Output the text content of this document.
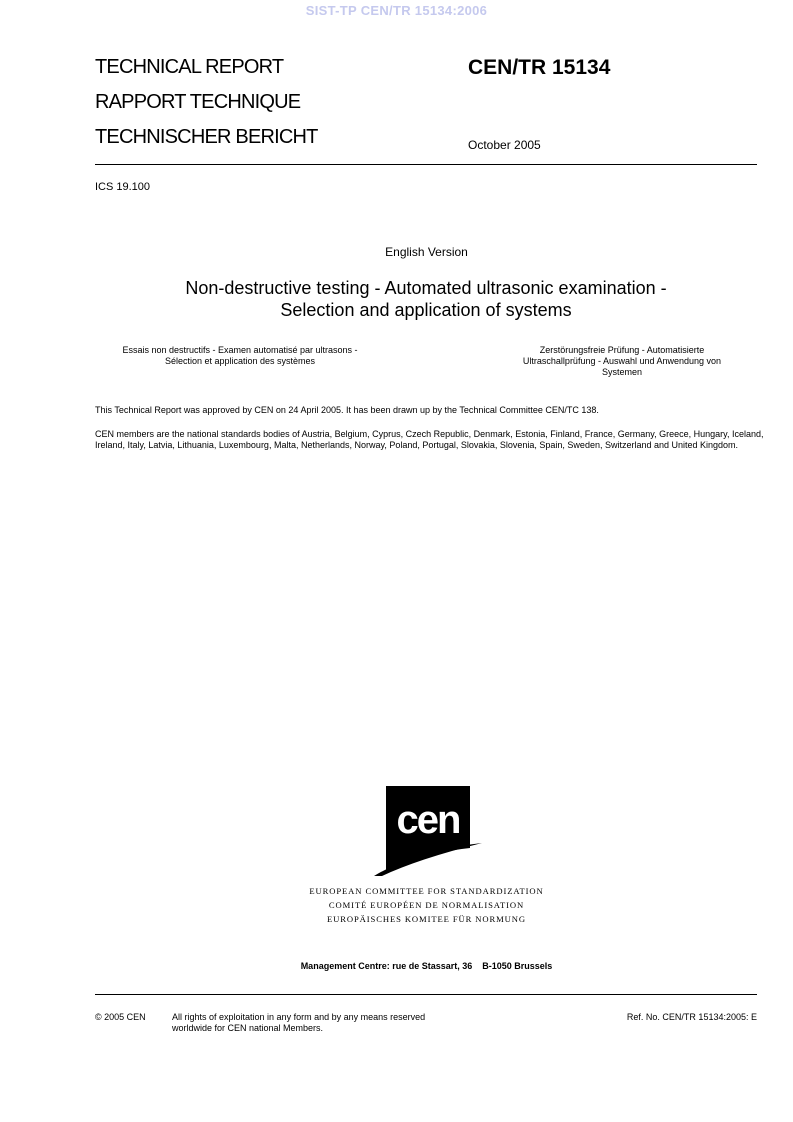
SIST-TP CEN/TR 15134:2006
TECHNICAL REPORT
RAPPORT TECHNIQUE
TECHNISCHER BERICHT
CEN/TR 15134
October 2005
ICS 19.100
English Version
Non-destructive testing - Automated ultrasonic examination -
Selection and application of systems
Essais non destructifs - Examen automatisé par ultrasons -
Sélection et application des systèmes
Zerstörungsfreie Prüfung - Automatisierte
Ultraschallprüfung - Auswahl und Anwendung von
Systemen
This Technical Report was approved by CEN on 24 April 2005. It has been drawn up by the Technical Committee CEN/TC 138.
CEN members are the national standards bodies of Austria, Belgium, Cyprus, Czech Republic, Denmark, Estonia, Finland, France, Germany, Greece, Hungary, Iceland, Ireland, Italy, Latvia, Lithuania, Luxembourg, Malta, Netherlands, Norway, Poland, Portugal, Slovakia, Slovenia, Spain, Sweden, Switzerland and United Kingdom.
cen
EUROPEAN COMMITTEE FOR STANDARDIZATION
COMITÉ EUROPÉEN DE NORMALISATION
EUROPÄISCHES KOMITEE FÜR NORMUNG
Management Centre: rue de Stassart, 36    B-1050 Brussels
© 2005 CEN	All rights of exploitation in any form and by any means reserved
worldwide for CEN national Members.
Ref. No. CEN/TR 15134:2005: E
